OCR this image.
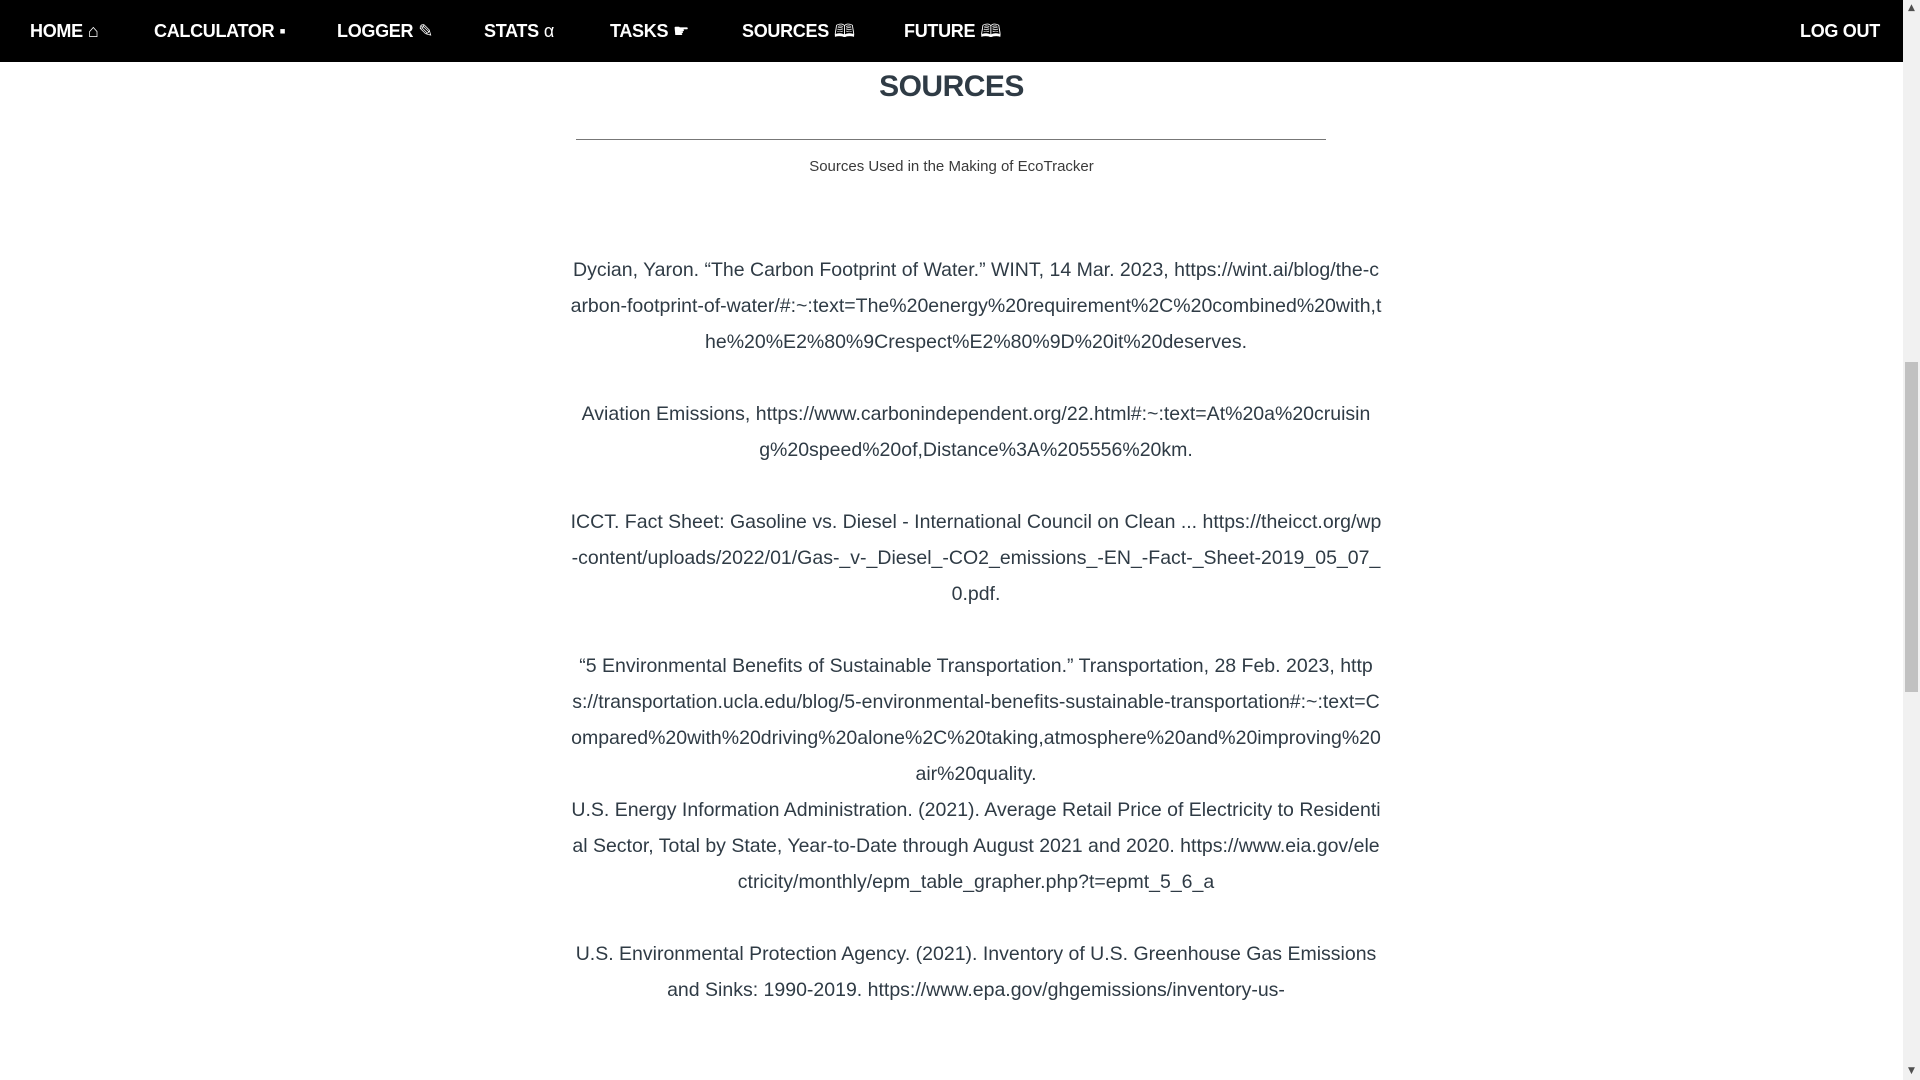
HOME ⌂	CALCULATOR ▪	LOGGER ✎	STATS α	TASKS ☛	SOURCES 🕮	FUTURE 🕮	LOG OUT
SOURCES
Sources Used in the Making of EcoTracker

Dycian, Yaron. “The Carbon Footprint of Water.” WINT, 14 Mar. 2023, https://wint.ai/blog/the-carbon-footprint-of-water/#:~:text=The%20energy%20requirement%2C%20combined%20with,the%20%E2%80%9Crespect%E2%80%9D%20it%20deserves.

Aviation Emissions, https://www.carbonindependent.org/22.html#:~:text=At%20a%20cruising%20speed%20of,Distance%3A%205556%20km.

ICCT. Fact Sheet: Gasoline vs. Diesel - International Council on Clean ... https://theicct.org/wp-content/uploads/2022/01/Gas-_v-_Diesel_-CO2_emissions_-EN_-Fact-_Sheet-2019_05_07_0.pdf.

“5 Environmental Benefits of Sustainable Transportation.” Transportation, 28 Feb. 2023, https://transportation.ucla.edu/blog/5-environmental-benefits-sustainable-transportation#:~:text=Compared%20with%20driving%20alone%2C%20taking,atmosphere%20and%20improving%20air%20quality.

U.S. Energy Information Administration. (2021). Average Retail Price of Electricity to Residential Sector, Total by State, Year-to-Date through August 2021 and 2020. https://www.eia.gov/electricity/monthly/epm_table_grapher.php?t=epmt_5_6_a

U.S. Environmental Protection Agency. (2021). Inventory of U.S. Greenhouse Gas Emissions and Sinks: 1990-2019. https://www.epa.gov/ghgemissions/inventory-us-

▲
▼
